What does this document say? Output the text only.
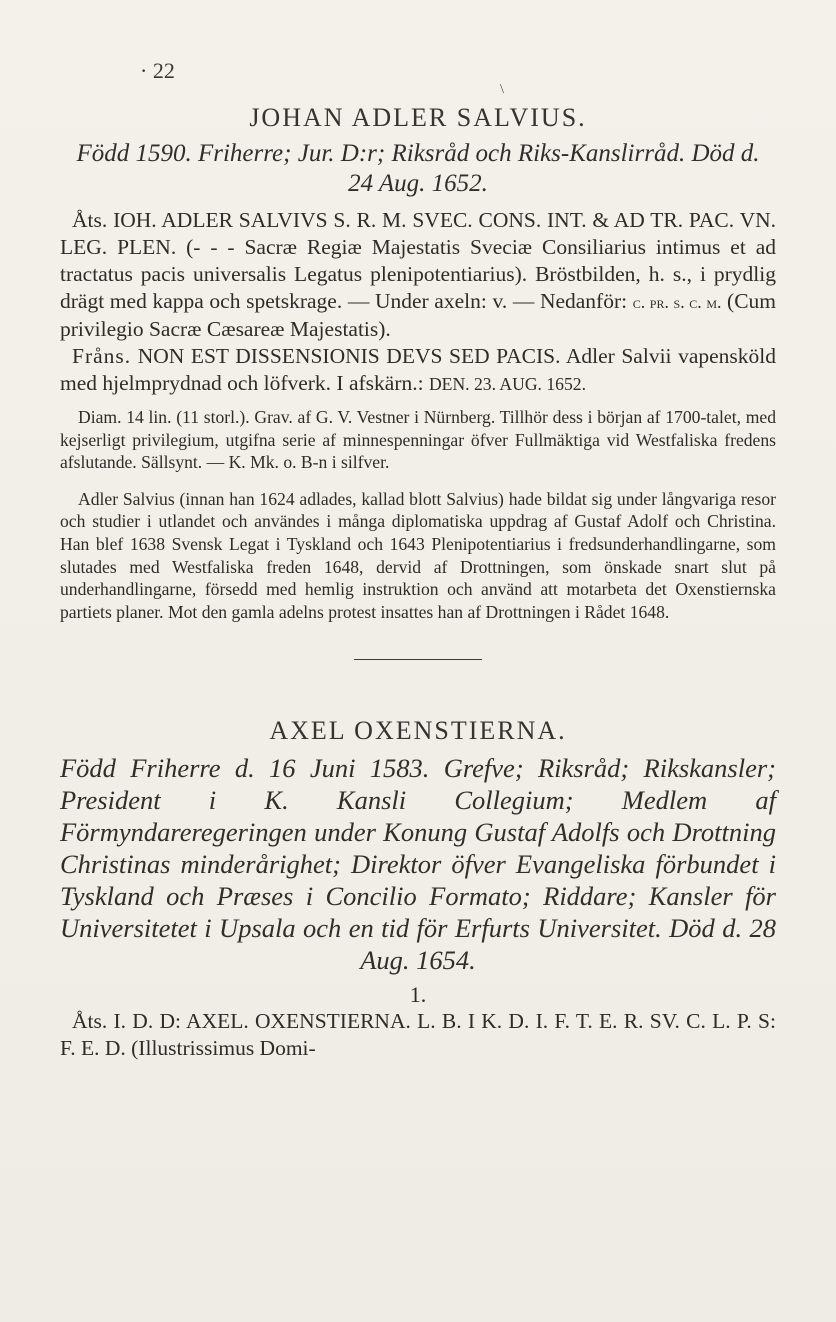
· 22
\
JOHAN ADLER SALVIUS.
Född 1590. Friherre; Jur. D:r; Riksråd och Riks-Kanslirråd. Död d. 24 Aug. 1652.

Åts. IOH. ADLER SALVIVS S. R. M. SVEC. CONS. INT. & AD TR. PAC. VN. LEG. PLEN. (- - - Sacræ Regiæ Majestatis Sveciæ Consiliarius intimus et ad tractatus pacis universalis Legatus plenipotentiarius). Bröstbilden, h. s., i prydlig drägt med kappa och spetskrage. — Under axeln: v. — Nedanför: c. pr. s. c. m. (Cum privilegio Sacræ Cæsareæ Majestatis).

Fråns. NON EST DISSENSIONIS DEVS SED PACIS. Adler Salvii vapensköld med hjelmprydnad och löfverk. I afskärn.: DEN. 23. AUG. 1652.

Diam. 14 lin. (11 storl.). Grav. af G. V. Vestner i Nürnberg. Tillhör dess i början af 1700-talet, med kejserligt privilegium, utgifna serie af minnespenningar öfver Fullmäktiga vid Westfaliska fredens afslutande. Sällsynt. — K. Mk. o. B-n i silfver.

Adler Salvius (innan han 1624 adlades, kallad blott Salvius) hade bildat sig under långvariga resor och studier i utlandet och användes i många diplomatiska uppdrag af Gustaf Adolf och Christina. Han blef 1638 Svensk Legat i Tyskland och 1643 Plenipotentiarius i fredsunderhandlingarne, som slutades med Westfaliska freden 1648, dervid af Drottningen, som önskade snart slut på underhandlingarne, försedd med hemlig instruktion och använd att motarbeta det Oxenstiernska partiets planer. Mot den gamla adelns protest insattes han af Drottningen i Rådet 1648.

AXEL OXENSTIERNA.
Född Friherre d. 16 Juni 1583. Grefve; Riksråd; Rikskansler; President i K. Kansli Collegium; Medlem af Förmyndareregeringen under Konung Gustaf Adolfs och Drottning Christinas minderårighet; Direktor öfver Evangeliska förbundet i Tyskland och Præses i Concilio Formato; Riddare; Kansler för Universitetet i Upsala och en tid för Erfurts Universitet. Död d. 28 Aug. 1654.
1.

Åts. I. D. D: AXEL. OXENSTIERNA. L. B. I K. D. I. F. T. E. R. SV. C. L. P. S: F. E. D. (Illustrissimus Domi-
